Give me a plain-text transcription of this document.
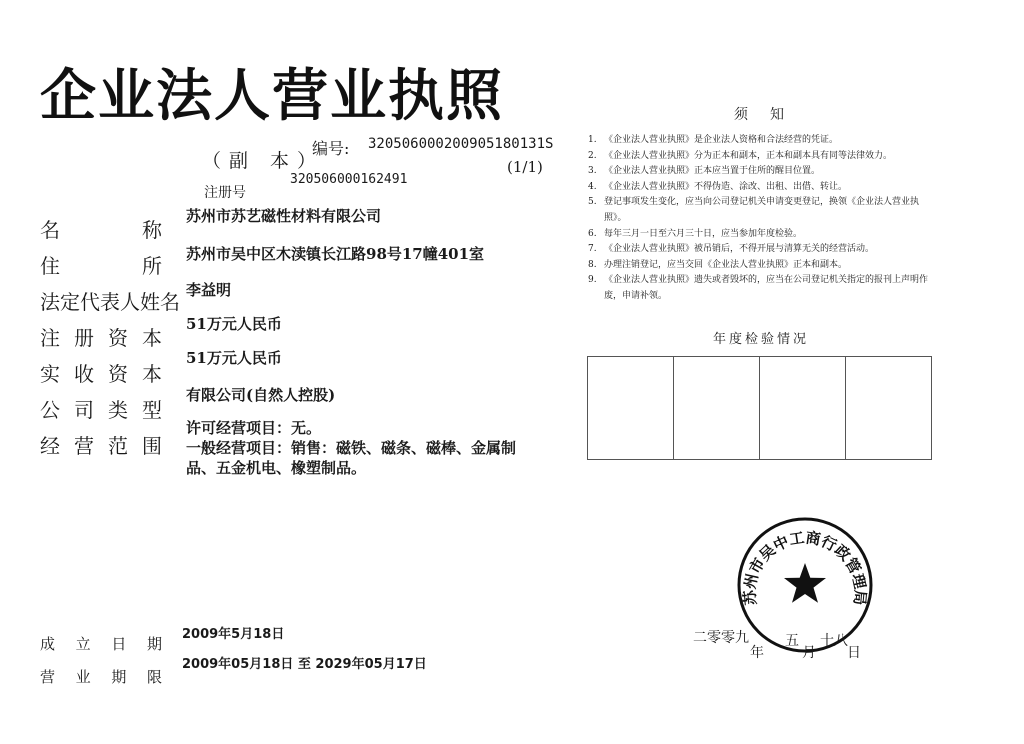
企业法人营业执照
（副 本）
编号: 320506000200905180131S
(1/1)
注册号
320506000162491
名称
苏州市苏艺磁性材料有限公司
住所 苏州市吴中区木渎镇长江路98号17幢401室
法定代表人姓名 李益明
注册资本
51万元人民币
实收资本
51万元人民币
公司类型
有限公司(自然人控股)
经营范围
许可经营项目：无。
一般经营项目：销售：磁铁、磁条、磁棒、金属制品、五金机电、橡塑制品。
成立日期
2009年5月18日
营业期限
2009年05月18日 至 2029年05月17日
须知
1. 《企业法人营业执照》是企业法人资格和合法经营的凭证。
2. 《企业法人营业执照》分为正本和副本，正本和副本具有同等法律效力。
3. 《企业法人营业执照》正本应当置于住所的醒目位置。
4. 《企业法人营业执照》不得伪造、涂改、出租、出借、转让。
5. 登记事项发生变化，应当向公司登记机关申请变更登记，换领《企业法人营业执照》。
6. 每年三月一日至六月三十日，应当参加年度检验。
7. 《企业法人营业执照》被吊销后，不得开展与清算无关的经营活动。
8. 办理注销登记，应当交回《企业法人营业执照》正本和副本。
9. 《企业法人营业执照》遗失或者毁坏的，应当在公司登记机关指定的报刊上声明作废，申请补领。
年度检验情况
苏州市吴中工商行政管理局
二零零九
年
五
月
十八
日
